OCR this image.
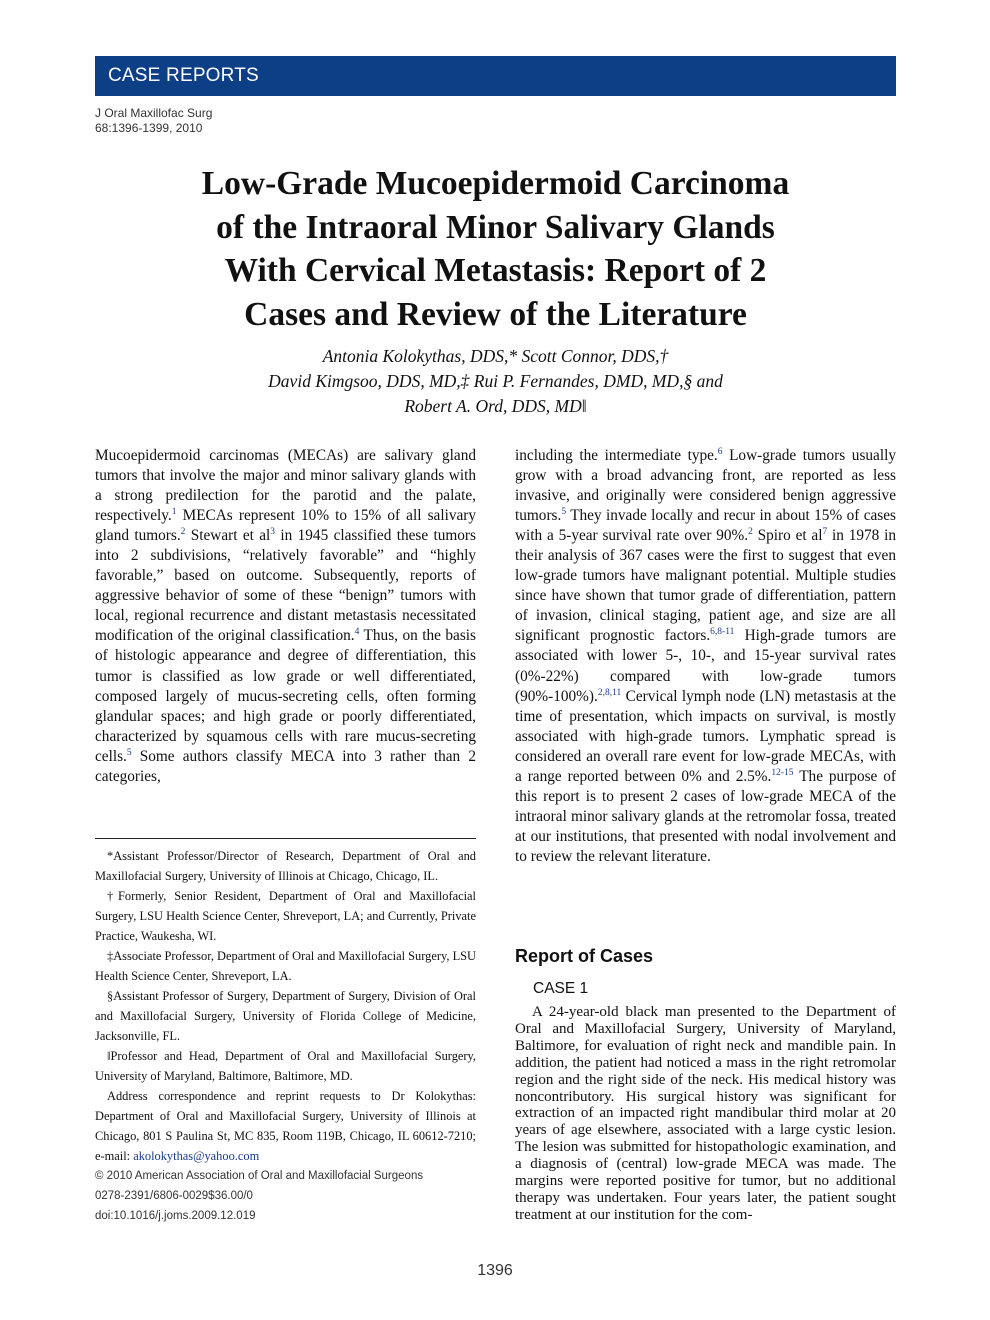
CASE REPORTS
J Oral Maxillofac Surg
68:1396-1399, 2010
Low-Grade Mucoepidermoid Carcinoma
of the Intraoral Minor Salivary Glands
With Cervical Metastasis: Report of 2
Cases and Review of the Literature
Antonia Kolokythas, DDS,* Scott Connor, DDS,†
David Kimgsoo, DDS, MD,‡ Rui P. Fernandes, DMD, MD,§ and
Robert A. Ord, DDS, MD‖

Mucoepidermoid carcinomas (MECAs) are salivary gland tumors that involve the major and minor salivary glands with a strong predilection for the parotid and the palate, respectively.$^1$ MECAs represent 10% to 15% of all salivary gland tumors.$^2$ Stewart et al$^3$ in 1945 classified these tumors into 2 subdivisions, “relatively favorable” and “highly favorable,” based on outcome. Subsequently, reports of aggressive behavior of some of these “benign” tumors with local, regional recurrence and distant metastasis necessitated modification of the original classification.$^4$ Thus, on the basis of histologic appearance and degree of differentiation, this tumor is classified as low grade or well differentiated, composed largely of mucus-secreting cells, often forming glandular spaces; and high grade or poorly differentiated, characterized by squamous cells with rare mucus-secreting cells.$^5$ Some authors classify MECA into 3 rather than 2 categories,

including the intermediate type.$^6$ Low-grade tumors usually grow with a broad advancing front, are reported as less invasive, and originally were considered benign aggressive tumors.$^5$ They invade locally and recur in about 15% of cases with a 5-year survival rate over 90%.$^2$ Spiro et al$^7$ in 1978 in their analysis of 367 cases were the first to suggest that even low-grade tumors have malignant potential. Multiple studies since have shown that tumor grade of differentiation, pattern of invasion, clinical staging, patient age, and size are all significant prognostic factors.$^{6,8-11}$ High-grade tumors are associated with lower 5-, 10-, and 15-year survival rates (0%-22%) compared with low-grade tumors (90%-100%).$^{2,8,11}$ Cervical lymph node (LN) metastasis at the time of presentation, which impacts on survival, is mostly associated with high-grade tumors. Lymphatic spread is considered an overall rare event for low-grade MECAs, with a range reported between 0% and 2.5%.$^{12-15}$ The purpose of this report is to present 2 cases of low-grade MECA of the intraoral minor salivary glands at the retromolar fossa, treated at our institutions, that presented with nodal involvement and to review the relevant literature.

*Assistant Professor/Director of Research, Department of Oral and Maxillofacial Surgery, University of Illinois at Chicago, Chicago, IL.

†Formerly, Senior Resident, Department of Oral and Maxillofacial Surgery, LSU Health Science Center, Shreveport, LA; and Currently, Private Practice, Waukesha, WI.

‡Associate Professor, Department of Oral and Maxillofacial Surgery, LSU Health Science Center, Shreveport, LA.

§Assistant Professor of Surgery, Department of Surgery, Division of Oral and Maxillofacial Surgery, University of Florida College of Medicine, Jacksonville, FL.

‖Professor and Head, Department of Oral and Maxillofacial Surgery, University of Maryland, Baltimore, Baltimore, MD.

Address correspondence and reprint requests to Dr Kolokythas: Department of Oral and Maxillofacial Surgery, University of Illinois at Chicago, 801 S Paulina St, MC 835, Room 119B, Chicago, IL 60612-7210; e-mail: akolokythas@yahoo.com

© 2010 American Association of Oral and Maxillofacial Surgeons
0278-2391/6806-0029$36.00/0
doi:10.1016/j.joms.2009.12.019
Report of Cases
CASE 1

A 24-year-old black man presented to the Department of Oral and Maxillofacial Surgery, University of Maryland, Baltimore, for evaluation of right neck and mandible pain. In addition, the patient had noticed a mass in the right retromolar region and the right side of the neck. His medical history was noncontributory. His surgical history was significant for extraction of an impacted right mandibular third molar at 20 years of age elsewhere, associated with a large cystic lesion. The lesion was submitted for histopathologic examination, and a diagnosis of (central) low-grade MECA was made. The margins were reported positive for tumor, but no additional therapy was undertaken. Four years later, the patient sought treatment at our institution for the com-

1396
